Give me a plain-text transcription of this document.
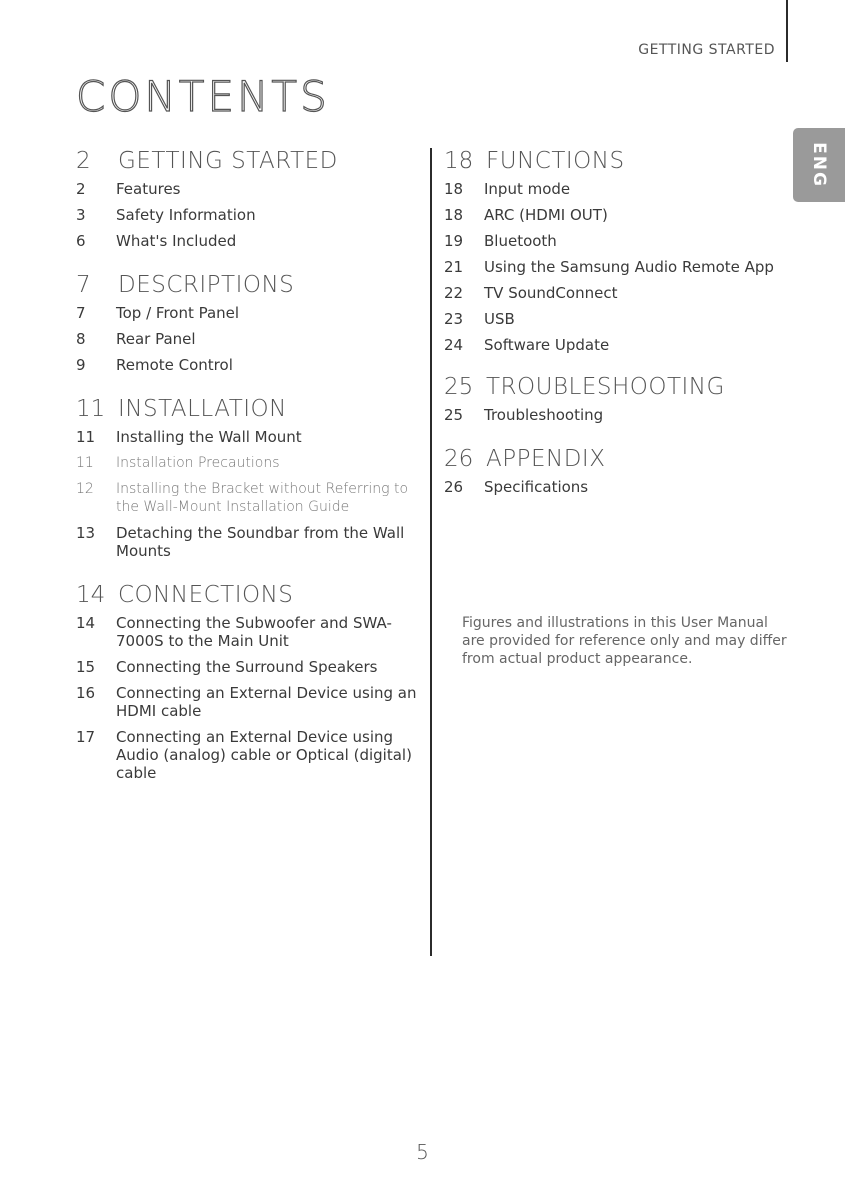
GETTING STARTED
CONTENTS
ENG
2	GETTING STARTED
2	Features
3	Safety Information
6	What's Included
7	DESCRIPTIONS
7	Top / Front Panel
8	Rear Panel
9	Remote Control
11 INSTALLATION
11	Installing the Wall Mount
11	Installation Precautions
12	Installing the Bracket without Referring to the Wall-Mount Installation Guide
13	Detaching the Soundbar from the Wall Mounts
14 CONNECTIONS
14	Connecting the Subwoofer and SWA-7000S to the Main Unit
15	Connecting the Surround Speakers
16	Connecting an External Device using an HDMI cable
17	Connecting an External Device using Audio (analog) cable or Optical (digital) cable
18 FUNCTIONS
18	Input mode
18	ARC (HDMI OUT)
19	Bluetooth
21	Using the Samsung Audio Remote App
22	TV SoundConnect
23	USB
24	Software Update
25 TROUBLESHOOTING
25	Troubleshooting
26 APPENDIX
26	Specifications
Figures and illustrations in this User Manual are provided for reference only and may differ from actual product appearance.
5
